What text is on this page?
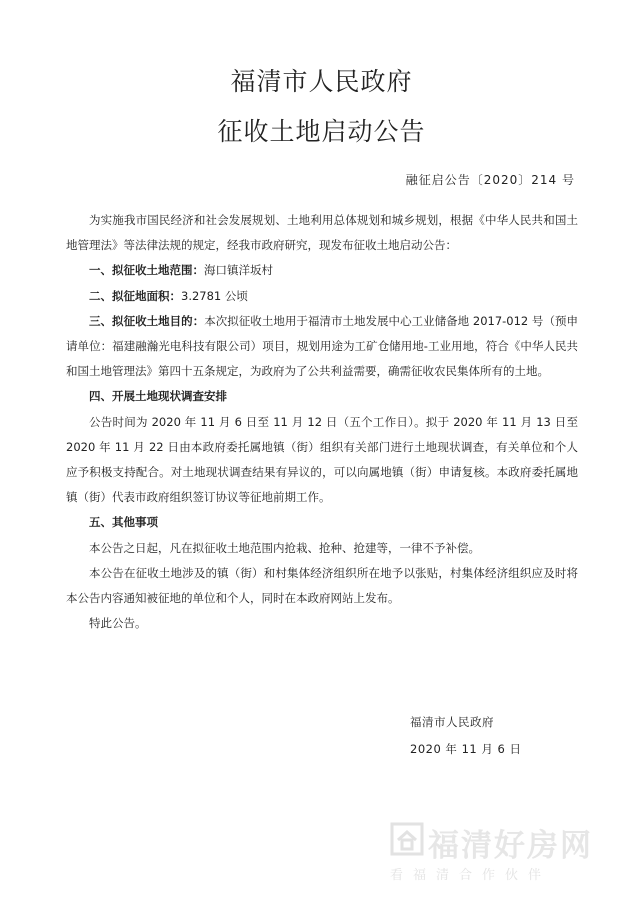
福清市人民政府
征收土地启动公告
融征启公告〔2020〕214 号

为实施我市国民经济和社会发展规划、土地利用总体规划和城乡规划，根据《中华人民共和国土地管理法》等法律法规的规定，经我市政府研究，现发布征收土地启动公告：

一、拟征收土地范围：海口镇洋坂村

二、拟征地面积：3.2781 公顷

三、拟征收土地目的：本次拟征收土地用于福清市土地发展中心工业储备地 2017-012 号（预申请单位：福建融瀚光电科技有限公司）项目，规划用途为工矿仓储用地-工业用地，符合《中华人民共和国土地管理法》第四十五条规定，为政府为了公共利益需要，确需征收农民集体所有的土地。

四、开展土地现状调查安排

公告时间为 2020 年 11 月 6 日至 11 月 12 日（五个工作日）。拟于 2020 年 11 月 13 日至 2020 年 11 月 22 日由本政府委托属地镇（街）组织有关部门进行土地现状调查，有关单位和个人应予积极支持配合。对土地现状调查结果有异议的，可以向属地镇（街）申请复核。本政府委托属地镇（街）代表市政府组织签订协议等征地前期工作。

五、其他事项

本公告之日起，凡在拟征收土地范围内抢栽、抢种、抢建等，一律不予补偿。

本公告在征收土地涉及的镇（街）和村集体经济组织所在地予以张贴，村集体经济组织应及时将本公告内容通知被征地的单位和个人，同时在本政府网站上发布。

特此公告。

福清市人民政府
2020 年 11 月 6 日
福清好房网
看福清合作伙伴
